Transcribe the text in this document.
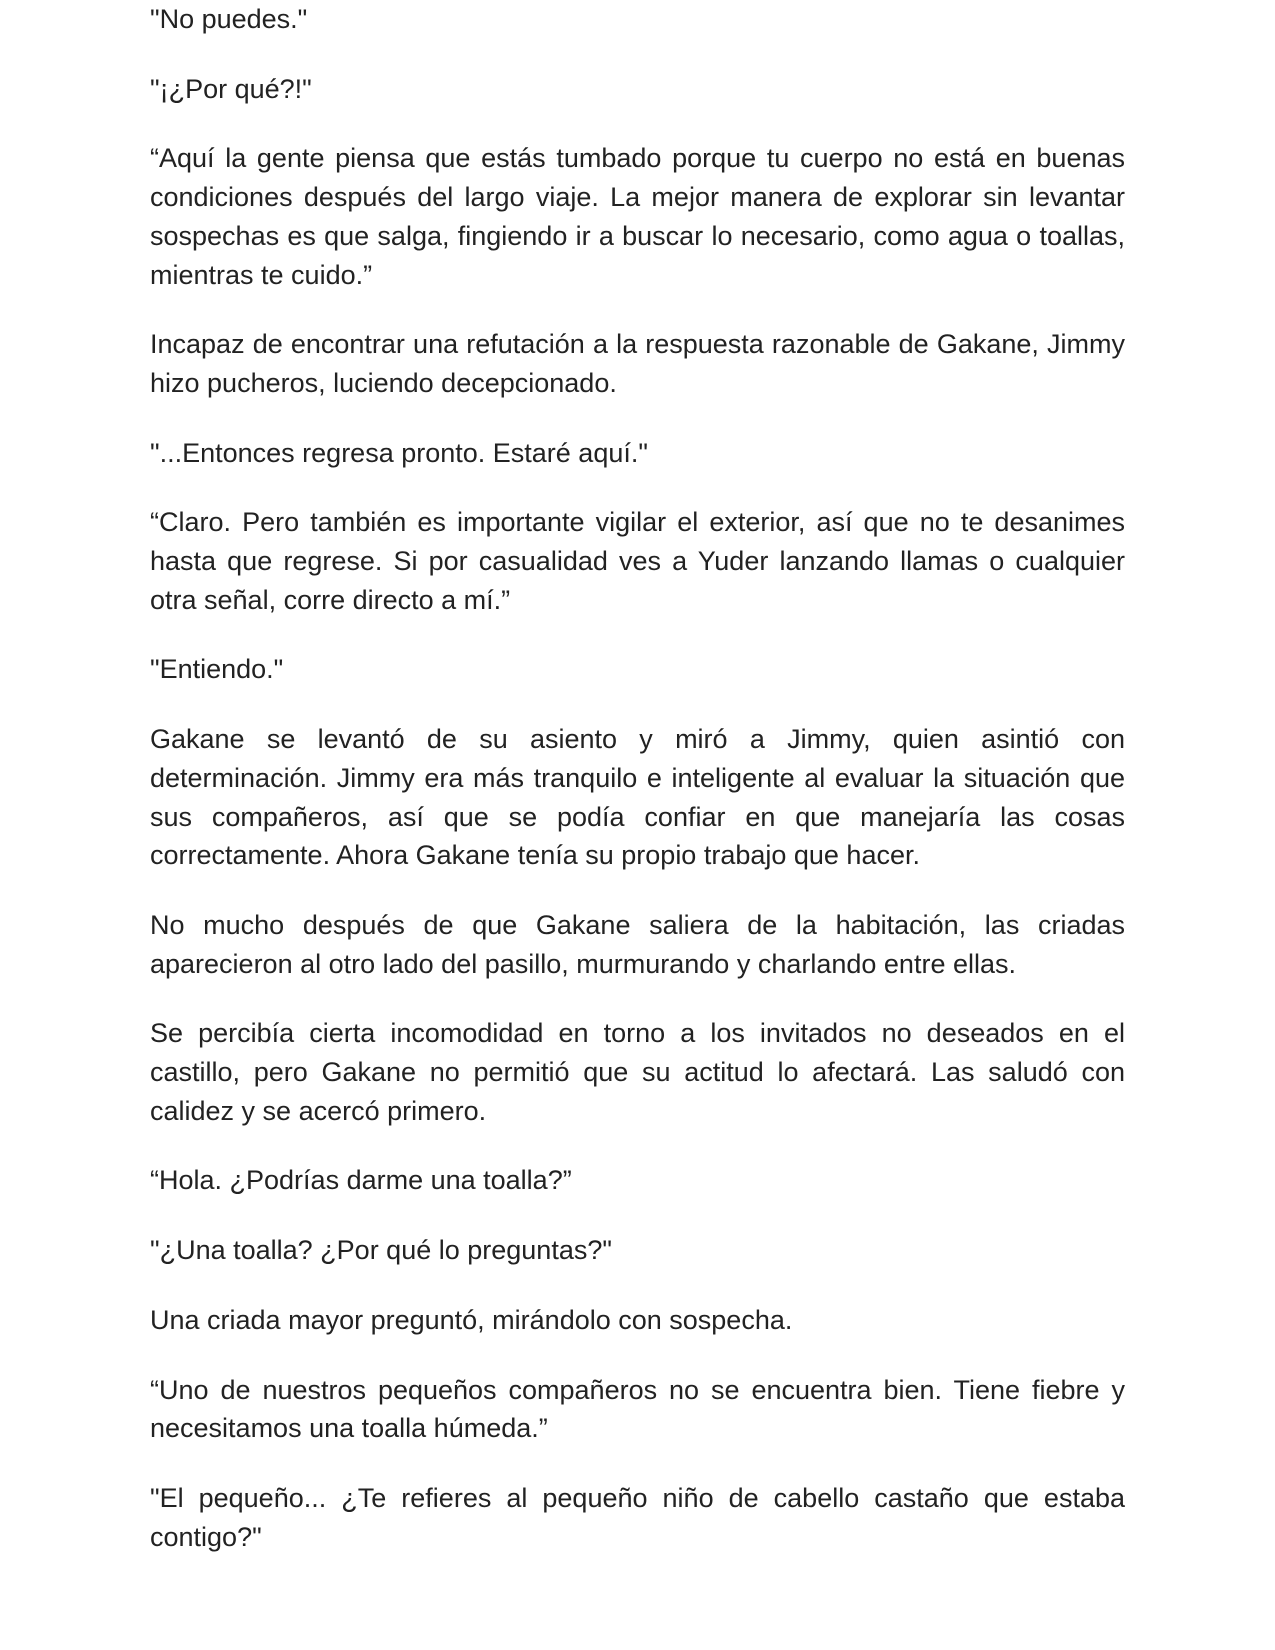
"No puedes."

"¡¿Por qué?!"

“Aquí la gente piensa que estás tumbado porque tu cuerpo no está en buenas condiciones después del largo viaje. La mejor manera de explorar sin levantar sospechas es que salga, fingiendo ir a buscar lo necesario, como agua o toallas, mientras te cuido.”

Incapaz de encontrar una refutación a la respuesta razonable de Gakane, Jimmy hizo pucheros, luciendo decepcionado.

"...Entonces regresa pronto. Estaré aquí."

“Claro. Pero también es importante vigilar el exterior, así que no te desanimes hasta que regrese. Si por casualidad ves a Yuder lanzando llamas o cualquier otra señal, corre directo a mí.”

"Entiendo."

Gakane se levantó de su asiento y miró a Jimmy, quien asintió con determinación. Jimmy era más tranquilo e inteligente al evaluar la situación que sus compañeros, así que se podía confiar en que manejaría las cosas correctamente. Ahora Gakane tenía su propio trabajo que hacer.

No mucho después de que Gakane saliera de la habitación, las criadas aparecieron al otro lado del pasillo, murmurando y charlando entre ellas.

Se percibía cierta incomodidad en torno a los invitados no deseados en el castillo, pero Gakane no permitió que su actitud lo afectará. Las saludó con calidez y se acercó primero.

“Hola. ¿Podrías darme una toalla?”

"¿Una toalla? ¿Por qué lo preguntas?"

Una criada mayor preguntó, mirándolo con sospecha.

“Uno de nuestros pequeños compañeros no se encuentra bien. Tiene fiebre y necesitamos una toalla húmeda.”

"El pequeño... ¿Te refieres al pequeño niño de cabello castaño que estaba contigo?"
